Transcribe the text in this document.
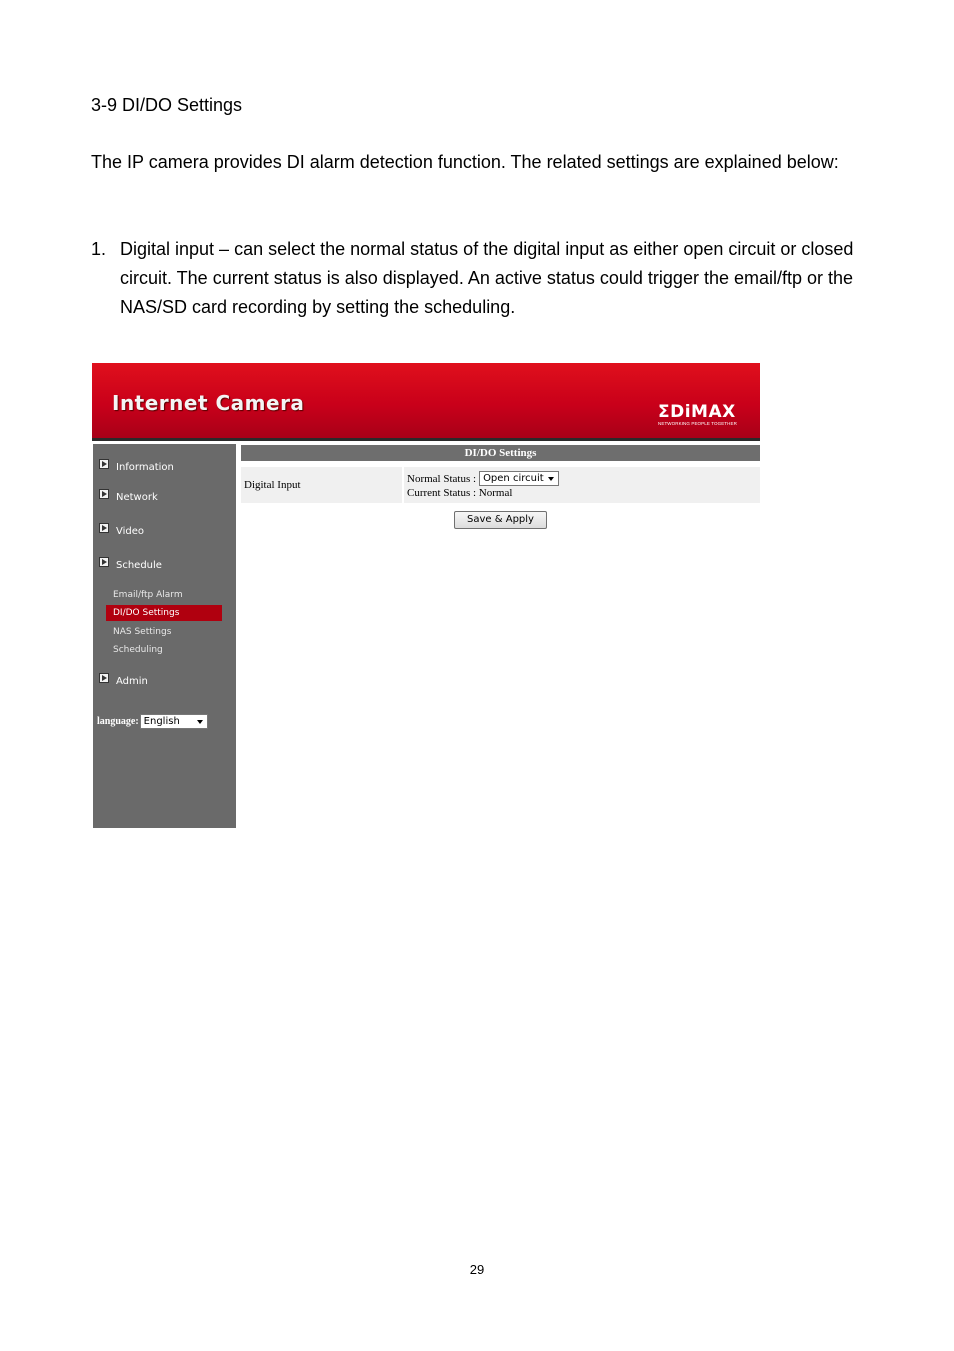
3-9 DI/DO Settings

The IP camera provides DI alarm detection function. The related settings are explained below:

1. Digital input – can select the normal status of the digital input as either open circuit or closed circuit. The current status is also displayed. An active status could trigger the email/ftp or the NAS/SD card recording by setting the scheduling.

Internet Camera	ΣDiMAX
NETWORKING PEOPLE TOGETHER
Information
Network
Video
Schedule
Email/ftp Alarm
DI/DO Settings
NAS Settings
Scheduling
Admin
language: English
DI/DO Settings
Digital Input
Normal Status : Open circuit
Current Status : Normal
Save & Apply
29
